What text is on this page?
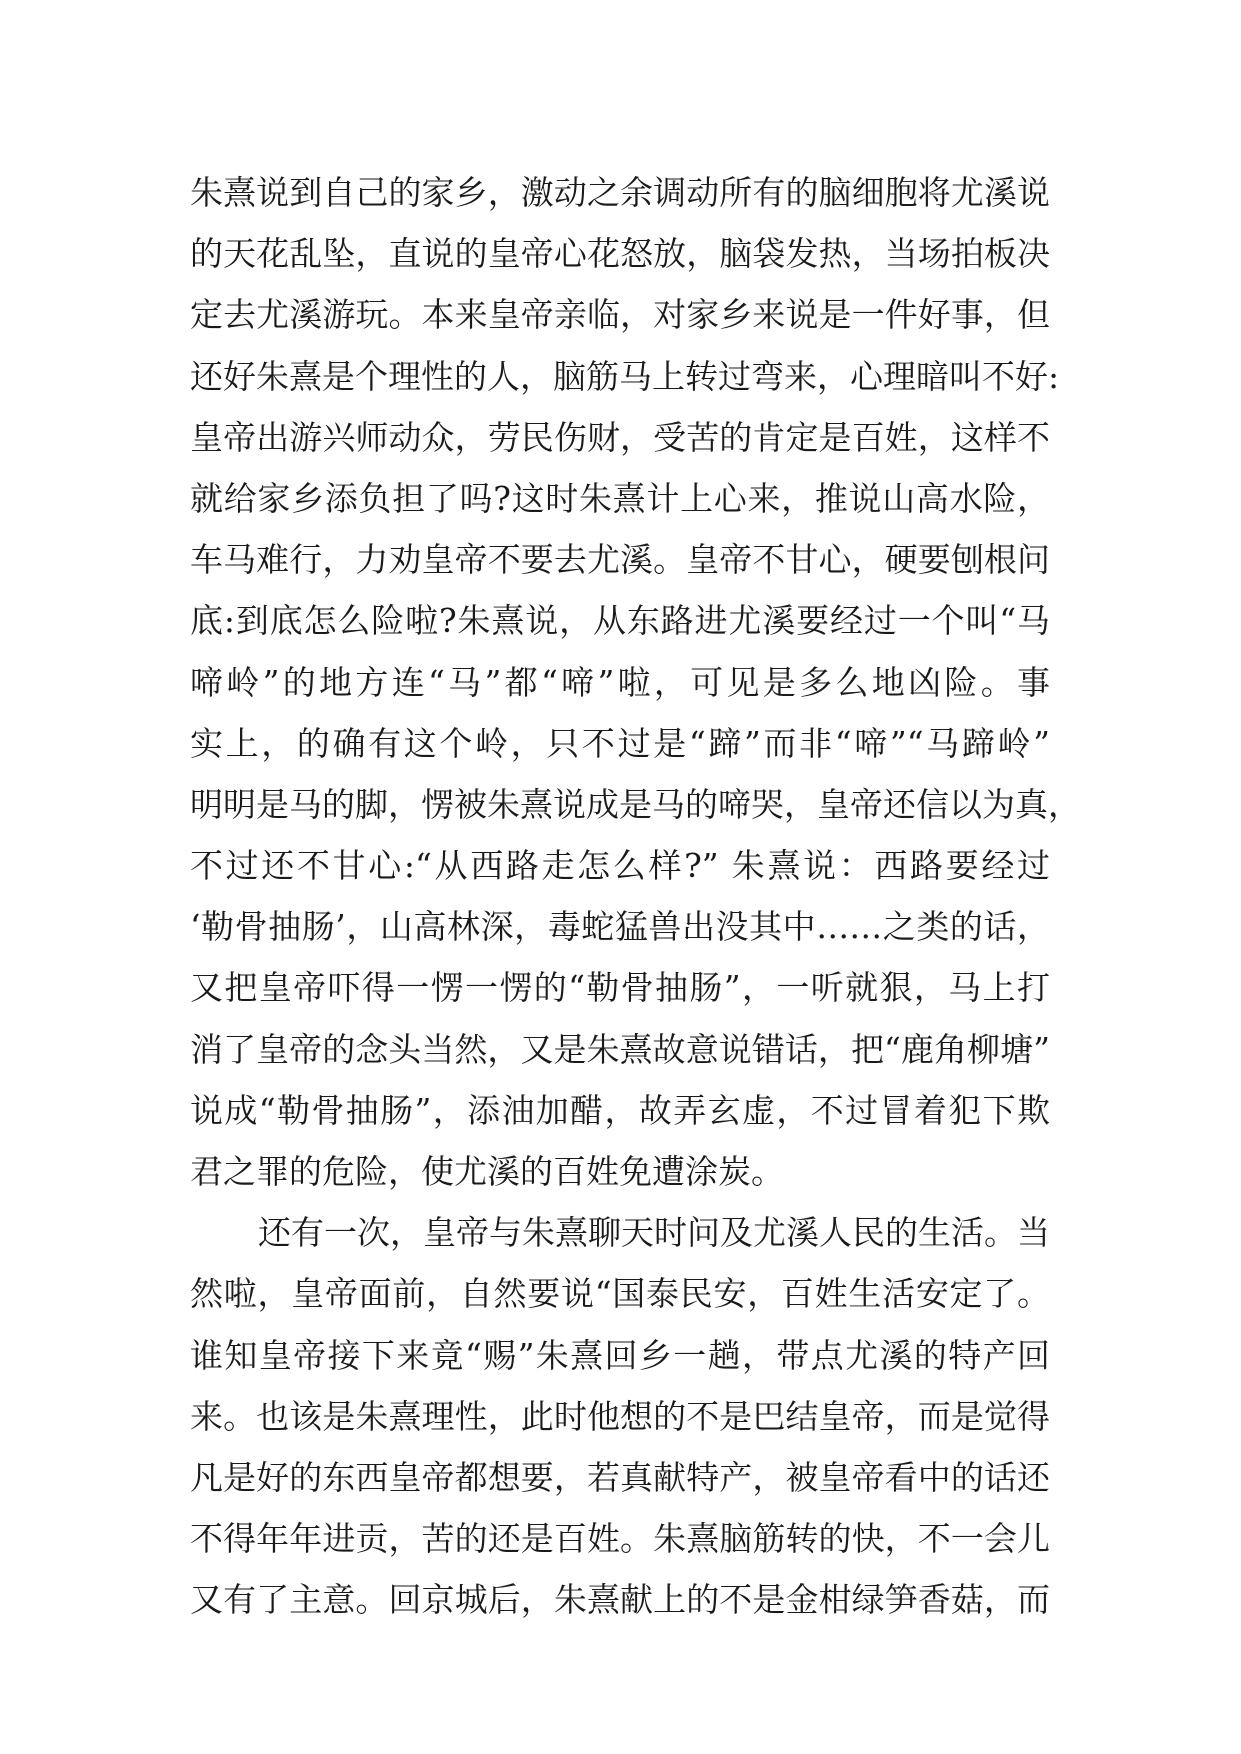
朱熹说到自己的家乡，激动之余调动所有的脑细胞将尤溪说
的天花乱坠，直说的皇帝心花怒放，脑袋发热，当场拍板决
定去尤溪游玩。本来皇帝亲临，对家乡来说是一件好事，但
还好朱熹是个理性的人，脑筋马上转过弯来，心理暗叫不好:
皇帝出游兴师动众，劳民伤财，受苦的肯定是百姓，这样不
就给家乡添负担了吗?这时朱熹计上心来，推说山高水险，
车马难行，力劝皇帝不要去尤溪。皇帝不甘心，硬要刨根问
底:到底怎么险啦?朱熹说，从东路进尤溪要经过一个叫“马
啼岭”的地方连“马”都“啼”啦，可见是多么地凶险。事
实上，的确有这个岭，只不过是“蹄”而非“啼”“马蹄岭”
明明是马的脚，愣被朱熹说成是马的啼哭，皇帝还信以为真，
不过还不甘心:“从西路走怎么样?” 朱熹说：西路要经过
‘勒骨抽肠’，山高林深，毒蛇猛兽出没其中……之类的话，
又把皇帝吓得一愣一愣的“勒骨抽肠”，一听就狠，马上打
消了皇帝的念头当然，又是朱熹故意说错话，把“鹿角柳塘”
说成“勒骨抽肠”，添油加醋，故弄玄虚，不过冒着犯下欺
君之罪的危险，使尤溪的百姓免遭涂炭。
还有一次，皇帝与朱熹聊天时问及尤溪人民的生活。当
然啦，皇帝面前，自然要说“国泰民安，百姓生活安定了。
谁知皇帝接下来竟“赐”朱熹回乡一趟，带点尤溪的特产回
来。也该是朱熹理性，此时他想的不是巴结皇帝，而是觉得
凡是好的东西皇帝都想要，若真献特产，被皇帝看中的话还
不得年年进贡，苦的还是百姓。朱熹脑筋转的快，不一会儿
又有了主意。回京城后，朱熹献上的不是金柑绿笋香菇，而
